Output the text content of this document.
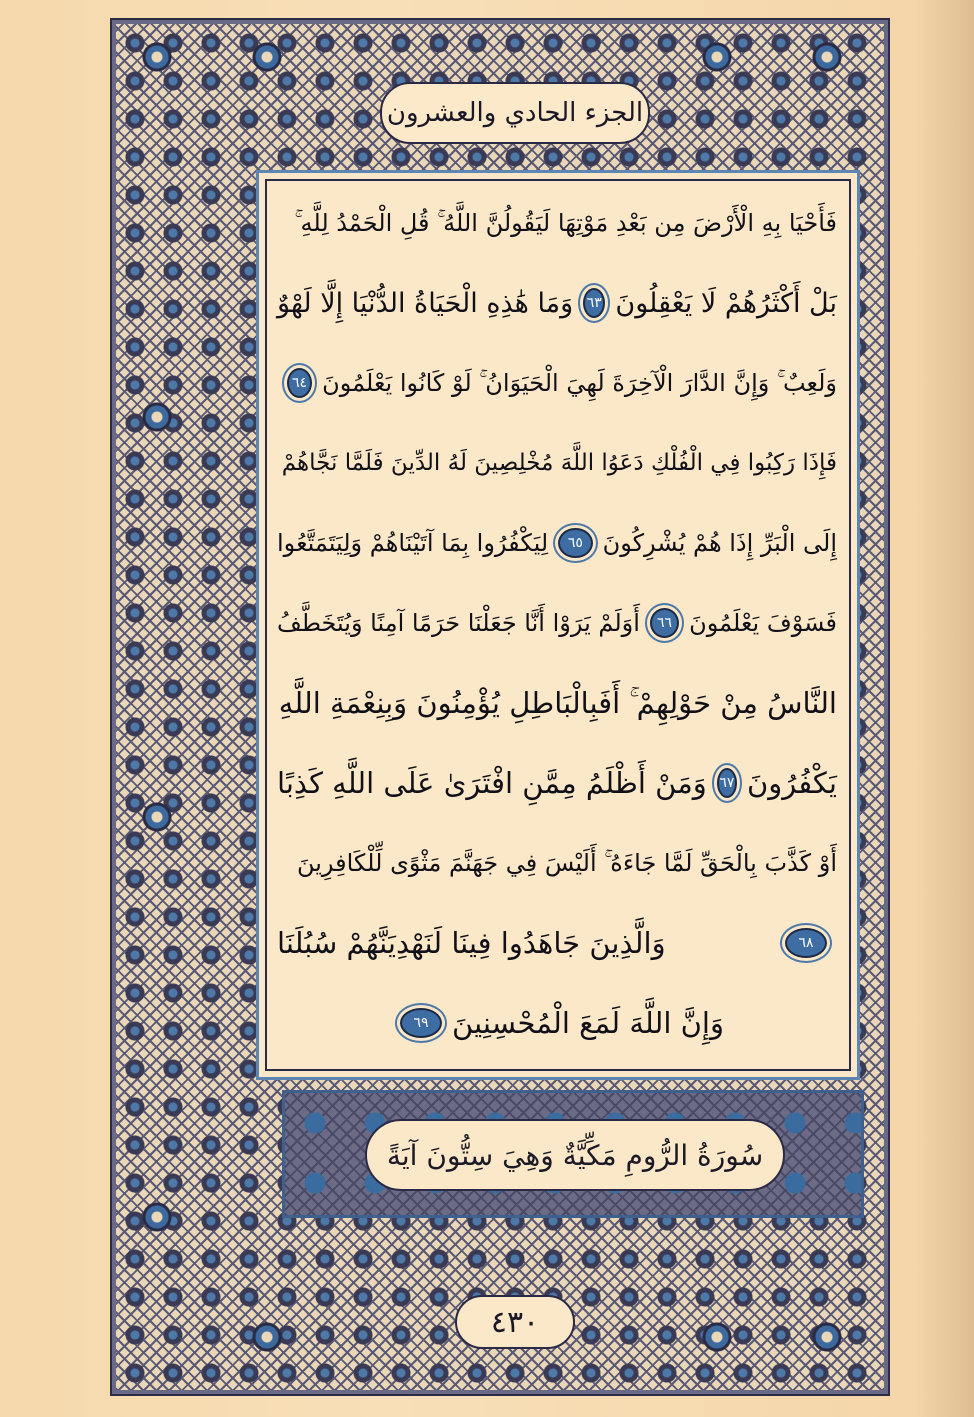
الجزء الحادي والعشرون
فَأَحْيَا بِهِ الْأَرْضَ مِن بَعْدِ مَوْتِهَا لَيَقُولُنَّ اللَّهُ ۚ قُلِ الْحَمْدُ لِلَّهِ ۚ
بَلْ أَكْثَرُهُمْ لَا يَعْقِلُونَ
٦٣
وَمَا هَٰذِهِ الْحَيَاةُ الدُّنْيَا إِلَّا لَهْوٌ
وَلَعِبٌ ۚ وَإِنَّ الدَّارَ الْآخِرَةَ لَهِيَ الْحَيَوَانُ ۚ لَوْ كَانُوا يَعْلَمُونَ
٦٤
فَإِذَا رَكِبُوا فِي الْفُلْكِ دَعَوُا اللَّهَ مُخْلِصِينَ لَهُ الدِّينَ فَلَمَّا نَجَّاهُمْ
إِلَى الْبَرِّ إِذَا هُمْ يُشْرِكُونَ
٦٥
لِيَكْفُرُوا بِمَا آتَيْنَاهُمْ وَلِيَتَمَتَّعُوا
فَسَوْفَ يَعْلَمُونَ
٦٦
أَوَلَمْ يَرَوْا أَنَّا جَعَلْنَا حَرَمًا آمِنًا وَيُتَخَطَّفُ
النَّاسُ مِنْ حَوْلِهِمْ ۚ أَفَبِالْبَاطِلِ يُؤْمِنُونَ وَبِنِعْمَةِ اللَّهِ
يَكْفُرُونَ
٦٧
وَمَنْ أَظْلَمُ مِمَّنِ افْتَرَىٰ عَلَى اللَّهِ كَذِبًا
أَوْ كَذَّبَ بِالْحَقِّ لَمَّا جَاءَهُ ۚ أَلَيْسَ فِي جَهَنَّمَ مَثْوًى لِّلْكَافِرِينَ
٦٨
وَالَّذِينَ جَاهَدُوا فِينَا لَنَهْدِيَنَّهُمْ سُبُلَنَا
وَإِنَّ اللَّهَ لَمَعَ الْمُحْسِنِينَ
٦٩
سُورَةُ الرُّومِ مَكِّيَّةٌ وَهِيَ سِتُّونَ آيَةً
٤٣٠
